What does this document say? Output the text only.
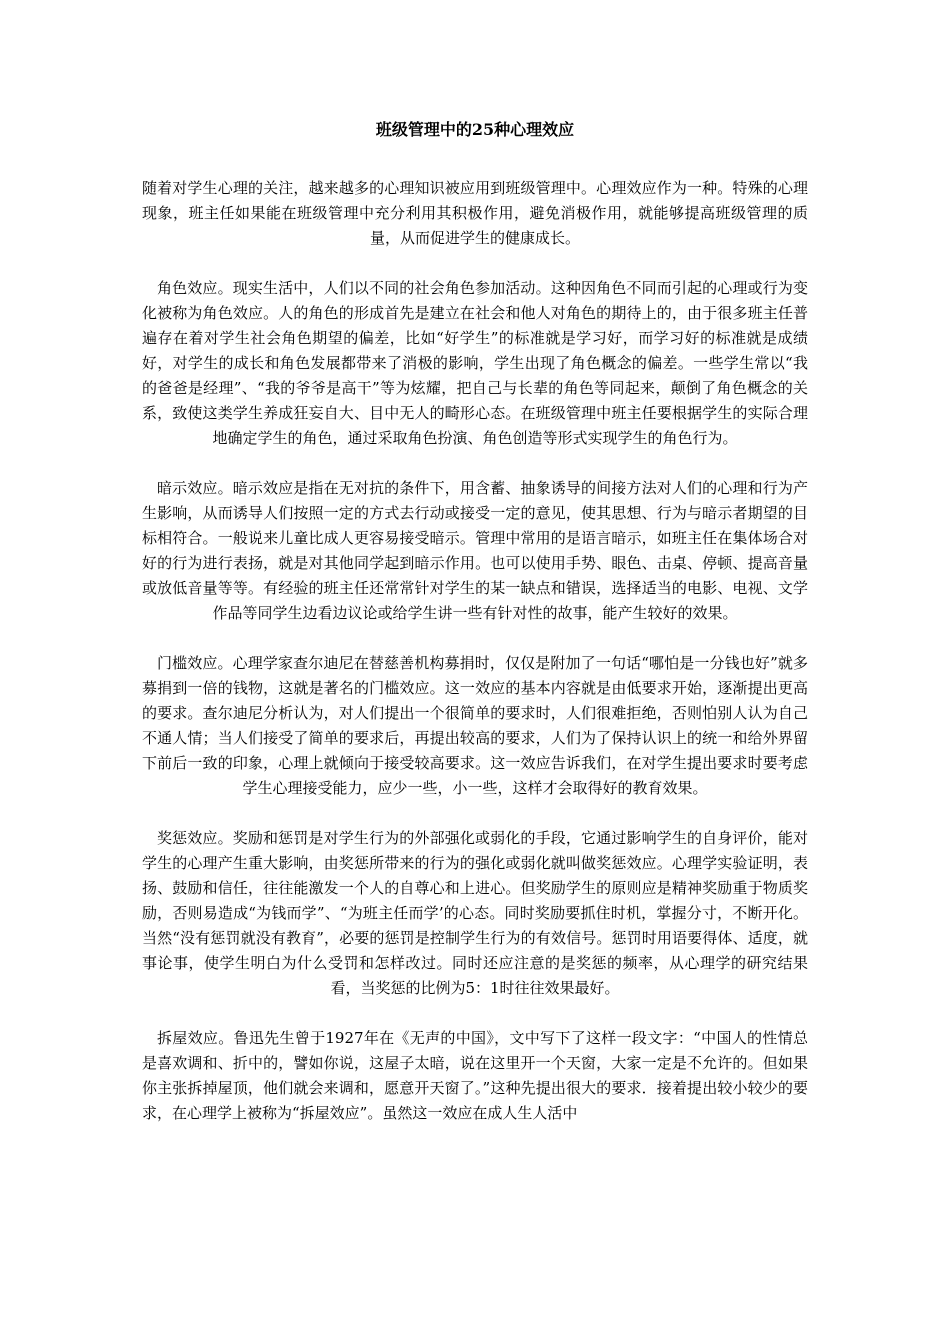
班级管理中的25种心理效应

随着对学生心理的关注，越来越多的心理知识被应用到班级管理中。心理效应作为一种。特殊的心理现象，班主任如果能在班级管理中充分利用其积极作用，避免消极作用，就能够提高班级管理的质量，从而促进学生的健康成长。

角色效应。现实生活中，人们以不同的社会角色参加活动。这种因角色不同而引起的心理或行为变化被称为角色效应。人的角色的形成首先是建立在社会和他人对角色的期待上的，由于很多班主任普遍存在着对学生社会角色期望的偏差，比如“好学生”的标准就是学习好，而学习好的标准就是成绩好，对学生的成长和角色发展都带来了消极的影响，学生出现了角色概念的偏差。一些学生常以“我的爸爸是经理”、“我的爷爷是高干”等为炫耀，把自己与长辈的角色等同起来，颠倒了角色概念的关系，致使这类学生养成狂妄自大、目中无人的畸形心态。在班级管理中班主任要根据学生的实际合理地确定学生的角色，通过采取角色扮演、角色创造等形式实现学生的角色行为。

暗示效应。暗示效应是指在无对抗的条件下，用含蓄、抽象诱导的间接方法对人们的心理和行为产生影响，从而诱导人们按照一定的方式去行动或接受一定的意见，使其思想、行为与暗示者期望的目标相符合。一般说来儿童比成人更容易接受暗示。管理中常用的是语言暗示，如班主任在集体场合对好的行为进行表扬，就是对其他同学起到暗示作用。也可以使用手势、眼色、击桌、停顿、提高音量或放低音量等等。有经验的班主任还常常针对学生的某一缺点和错误，选择适当的电影、电视、文学作品等同学生边看边议论或给学生讲一些有针对性的故事，能产生较好的效果。

门槛效应。心理学家查尔迪尼在替慈善机构募捐时，仅仅是附加了一句话“哪怕是一分钱也好”就多募捐到一倍的钱物，这就是著名的门槛效应。这一效应的基本内容就是由低要求开始，逐渐提出更高的要求。查尔迪尼分析认为，对人们提出一个很简单的要求时，人们很难拒绝，否则怕别人认为自己不通人情；当人们接受了简单的要求后，再提出较高的要求，人们为了保持认识上的统一和给外界留下前后一致的印象，心理上就倾向于接受较高要求。这一效应告诉我们，在对学生提出要求时要考虑学生心理接受能力，应少一些，小一些，这样才会取得好的教育效果。

奖惩效应。奖励和惩罚是对学生行为的外部强化或弱化的手段，它通过影响学生的自身评价，能对学生的心理产生重大影响，由奖惩所带来的行为的强化或弱化就叫做奖惩效应。心理学实验证明，表扬、鼓励和信任，往往能激发一个人的自尊心和上进心。但奖励学生的原则应是精神奖励重于物质奖励，否则易造成“为钱而学”、“为班主任而学’的心态。同时奖励要抓住时机，掌握分寸，不断开化。当然“没有惩罚就没有教育”，必要的惩罚是控制学生行为的有效信号。惩罚时用语要得体、适度，就事论事，使学生明白为什么受罚和怎样改过。同时还应注意的是奖惩的频率，从心理学的研究结果看，当奖惩的比例为5：1时往往效果最好。

拆屋效应。鲁迅先生曾于1927年在《无声的中国》，文中写下了这样一段文字：“中国人的性情总是喜欢调和、折中的，譬如你说，这屋子太暗，说在这里开一个天窗，大家一定是不允许的。但如果你主张拆掉屋顶，他们就会来调和，愿意开天窗了。”这种先提出很大的要求．接着提出较小较少的要求，在心理学上被称为“拆屋效应”。虽然这一效应在成人生人活中
